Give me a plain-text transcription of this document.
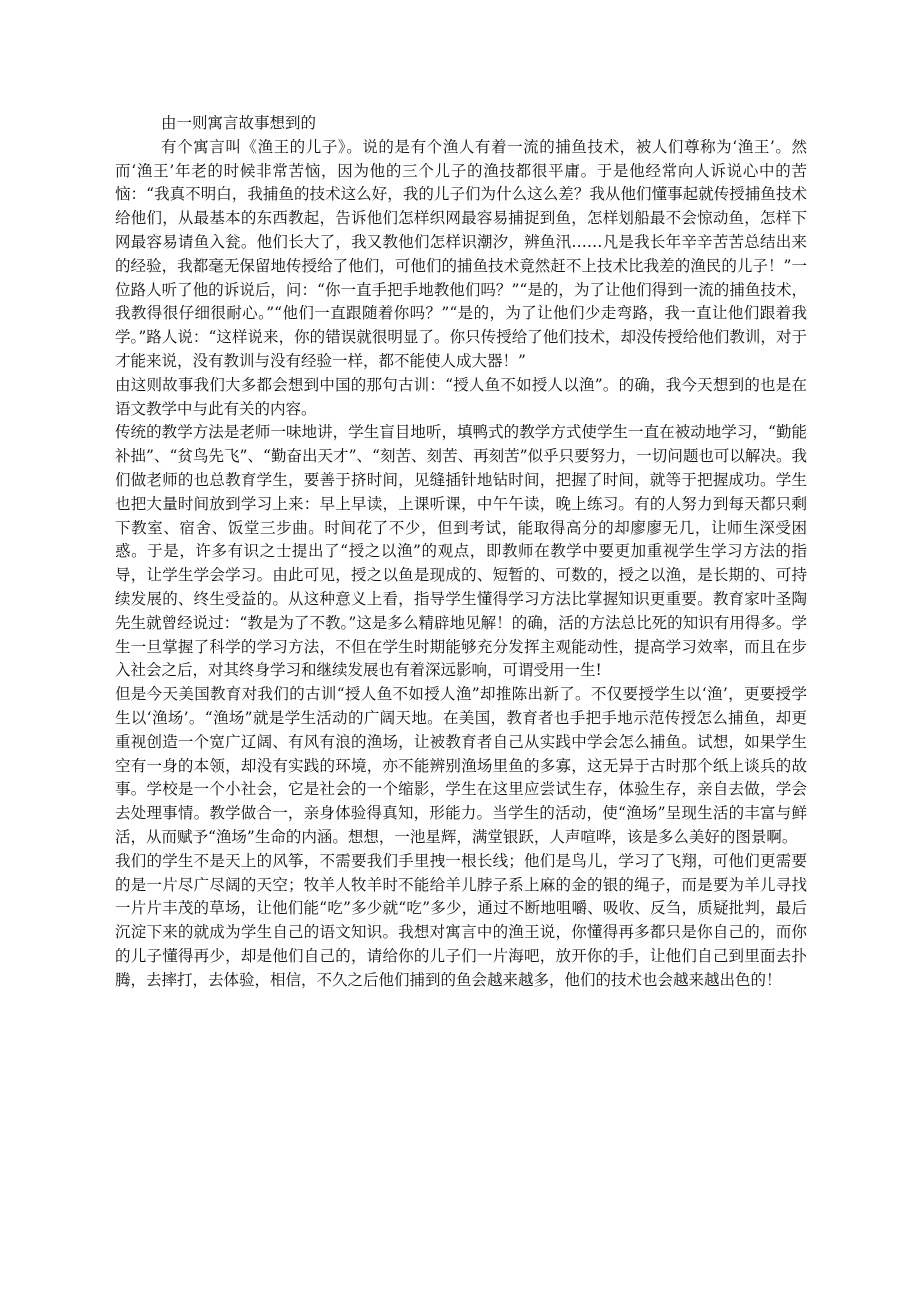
由一则寓言故事想到的

有个寓言叫《渔王的儿子》。说的是有个渔人有着一流的捕鱼技术，被人们尊称为‘渔王’。然而‘渔王’年老的时候非常苦恼，因为他的三个儿子的渔技都很平庸。于是他经常向人诉说心中的苦恼：“我真不明白，我捕鱼的技术这么好，我的儿子们为什么这么差？我从他们懂事起就传授捕鱼技术给他们，从最基本的东西教起，告诉他们怎样织网最容易捕捉到鱼，怎样划船最不会惊动鱼，怎样下网最容易请鱼入瓮。他们长大了，我又教他们怎样识潮汐，辨鱼汛……凡是我长年辛辛苦苦总结出来的经验，我都毫无保留地传授给了他们，可他们的捕鱼技术竟然赶不上技术比我差的渔民的儿子！”一位路人听了他的诉说后，问：“你一直手把手地教他们吗？”“是的，为了让他们得到一流的捕鱼技术，我教得很仔细很耐心。”“他们一直跟随着你吗？”“是的，为了让他们少走弯路，我一直让他们跟着我学。”路人说：“这样说来，你的错误就很明显了。你只传授给了他们技术，却没传授给他们教训，对于才能来说，没有教训与没有经验一样，都不能使人成大器！”

由这则故事我们大多都会想到中国的那句古训：“授人鱼不如授人以渔”。的确，我今天想到的也是在语文教学中与此有关的内容。

传统的教学方法是老师一味地讲，学生盲目地听，填鸭式的教学方式使学生一直在被动地学习，“勤能补拙”、“贫鸟先飞”、“勤奋出天才”、“刻苦、刻苦、再刻苦”似乎只要努力，一切问题也可以解决。我们做老师的也总教育学生，要善于挤时间，见缝插针地钻时间，把握了时间，就等于把握成功。学生也把大量时间放到学习上来：早上早读，上课听课，中午午读，晚上练习。有的人努力到每天都只剩下教室、宿舍、饭堂三步曲。时间花了不少，但到考试，能取得高分的却廖廖无几，让师生深受困惑。于是，许多有识之士提出了“授之以渔”的观点，即教师在教学中要更加重视学生学习方法的指导，让学生学会学习。由此可见，授之以鱼是现成的、短暂的、可数的，授之以渔，是长期的、可持续发展的、终生受益的。从这种意义上看，指导学生懂得学习方法比掌握知识更重要。教育家叶圣陶先生就曾经说过：“教是为了不教。”这是多么精辟地见解！的确，活的方法总比死的知识有用得多。学生一旦掌握了科学的学习方法，不但在学生时期能够充分发挥主观能动性，提高学习效率，而且在步入社会之后，对其终身学习和继续发展也有着深远影响，可谓受用一生!

但是今天美国教育对我们的古训“授人鱼不如授人渔”却推陈出新了。不仅要授学生以‘渔’，更要授学生以‘渔场’。“渔场”就是学生活动的广阔天地。在美国，教育者也手把手地示范传授怎么捕鱼，却更重视创造一个宽广辽阔、有风有浪的渔场，让被教育者自己从实践中学会怎么捕鱼。试想，如果学生空有一身的本领，却没有实践的环境，亦不能辨别渔场里鱼的多寡，这无异于古时那个纸上谈兵的故事。学校是一个小社会，它是社会的一个缩影，学生在这里应尝试生存，体验生存，亲自去做，学会去处理事情。教学做合一，亲身体验得真知，形能力。当学生的活动，使“渔场”呈现生活的丰富与鲜活，从而赋予“渔场”生命的内涵。想想，一池星辉，满堂银跃，人声喧哗，该是多么美好的图景啊。

我们的学生不是天上的风筝，不需要我们手里拽一根长线；他们是鸟儿，学习了飞翔，可他们更需要的是一片尽广尽阔的天空；牧羊人牧羊时不能给羊儿脖子系上麻的金的银的绳子，而是要为羊儿寻找一片片丰茂的草场，让他们能“吃”多少就“吃”多少，通过不断地咀嚼、吸收、反刍，质疑批判，最后沉淀下来的就成为学生自己的语文知识。我想对寓言中的渔王说，你懂得再多都只是你自己的，而你的儿子懂得再少，却是他们自己的，请给你的儿子们一片海吧，放开你的手，让他们自己到里面去扑腾，去摔打，去体验，相信，不久之后他们捕到的鱼会越来越多，他们的技术也会越来越出色的！
